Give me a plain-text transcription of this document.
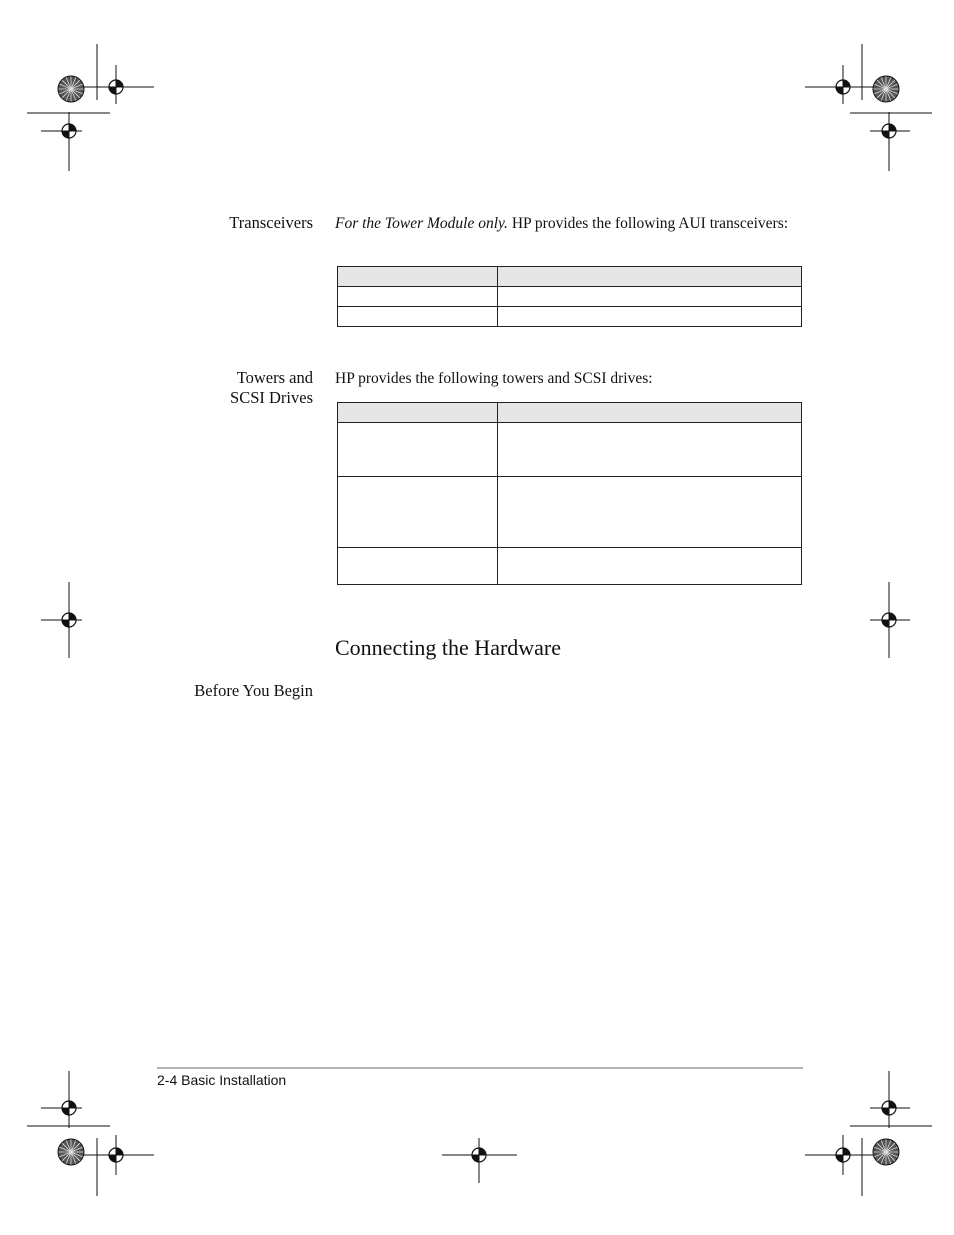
Transceivers For the Tower Module only. HP provides the following AUI transceivers:

Towers and
SCSI Drives
HP provides the following towers and SCSI drives:

Connecting the Hardware
Before You Begin
2-4 Basic Installation
